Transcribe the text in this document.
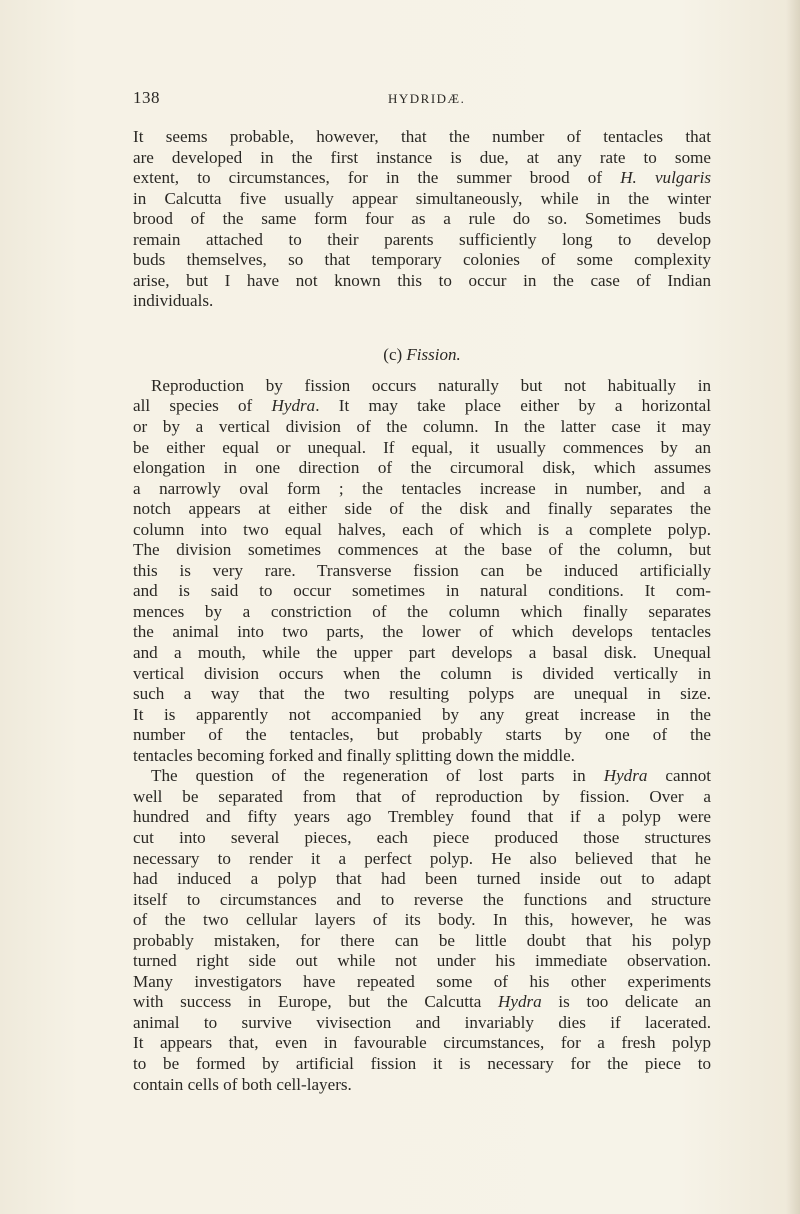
138	HYDRIDÆ.
It seems probable, however, that the number of tentacles that
are developed in the first instance is due, at any rate to some
extent, to circumstances, for in the summer brood of H. vulgaris
in Calcutta five usually appear simultaneously, while in the winter
brood of the same form four as a rule do so. Sometimes buds
remain attached to their parents sufficiently long to develop
buds themselves, so that temporary colonies of some complexity
arise, but I have not known this to occur in the case of Indian
individuals.
(c) Fission.
Reproduction by fission occurs naturally but not habitually in
all species of Hydra. It may take place either by a horizontal
or by a vertical division of the column. In the latter case it may
be either equal or unequal. If equal, it usually commences by an
elongation in one direction of the circumoral disk, which assumes
a narrowly oval form ; the tentacles increase in number, and a
notch appears at either side of the disk and finally separates the
column into two equal halves, each of which is a complete polyp.
The division sometimes commences at the base of the column, but
this is very rare. Transverse fission can be induced artificially
and is said to occur sometimes in natural conditions. It com-
mences by a constriction of the column which finally separates
the animal into two parts, the lower of which develops tentacles
and a mouth, while the upper part develops a basal disk. Unequal
vertical division occurs when the column is divided vertically in
such a way that the two resulting polyps are unequal in size.
It is apparently not accompanied by any great increase in the
number of the tentacles, but probably starts by one of the
tentacles becoming forked and finally splitting down the middle.
The question of the regeneration of lost parts in Hydra cannot
well be separated from that of reproduction by fission. Over a
hundred and fifty years ago Trembley found that if a polyp were
cut into several pieces, each piece produced those structures
necessary to render it a perfect polyp. He also believed that he
had induced a polyp that had been turned inside out to adapt
itself to circumstances and to reverse the functions and structure
of the two cellular layers of its body. In this, however, he was
probably mistaken, for there can be little doubt that his polyp
turned right side out while not under his immediate observation.
Many investigators have repeated some of his other experiments
with success in Europe, but the Calcutta Hydra is too delicate an
animal to survive vivisection and invariably dies if lacerated.
It appears that, even in favourable circumstances, for a fresh polyp
to be formed by artificial fission it is necessary for the piece to
contain cells of both cell-layers.
